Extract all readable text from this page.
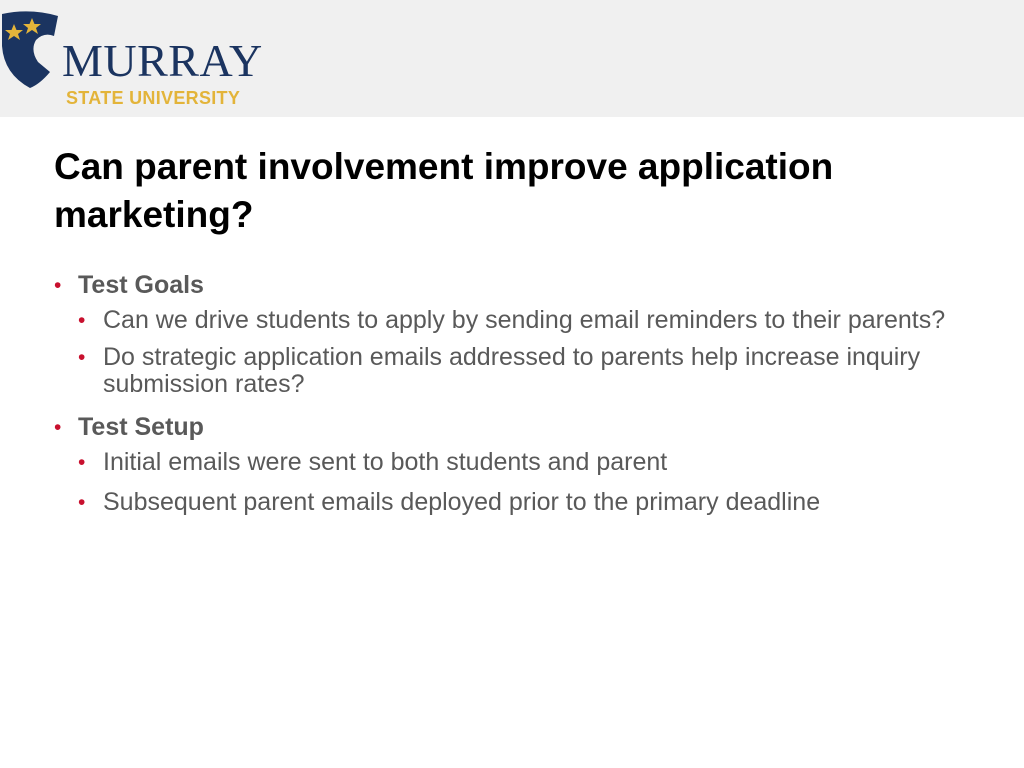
MURRAY
STATE UNIVERSITY
Can parent involvement improve application marketing?
• Test Goals
• Can we drive students to apply by sending email reminders to their parents?
• Do strategic application emails addressed to parents help increase inquiry submission rates?
• Test Setup
• Initial emails were sent to both students and parent
• Subsequent parent emails deployed prior to the primary deadline
